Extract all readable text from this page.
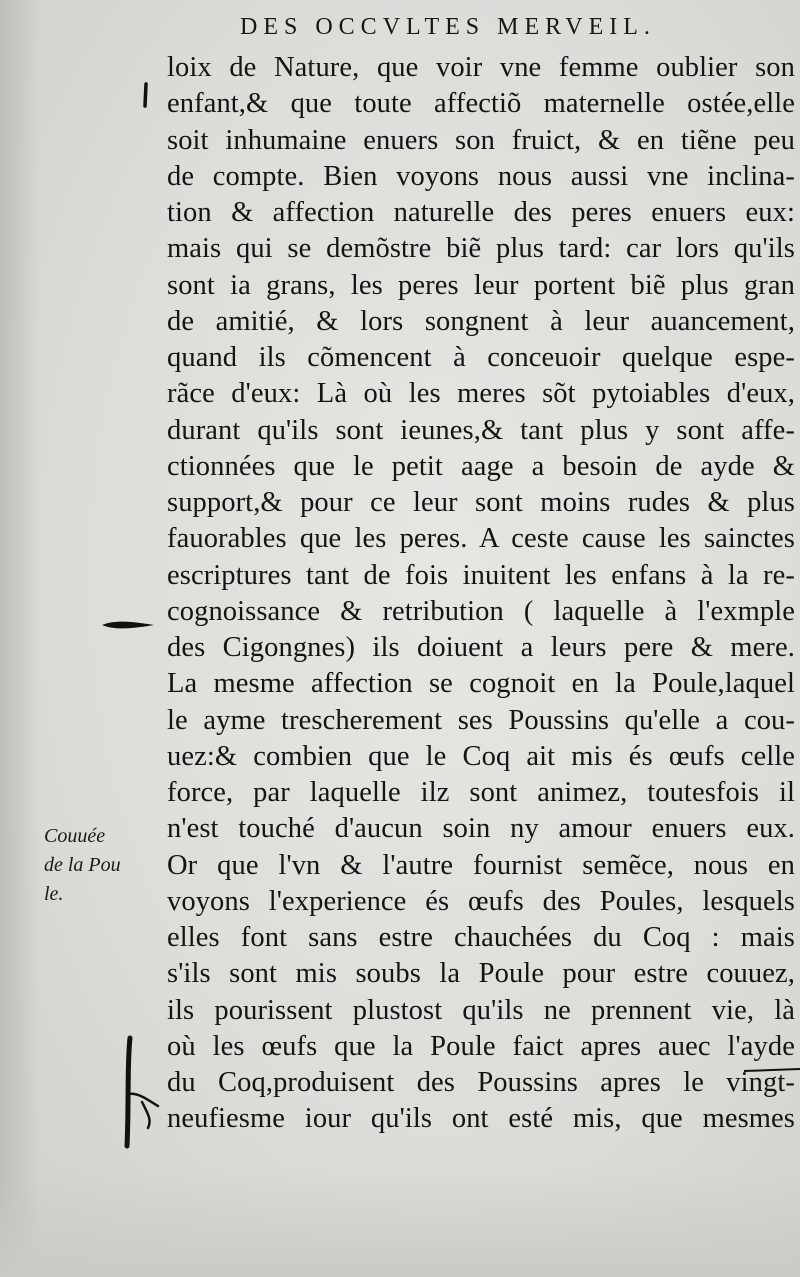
DES OCCVLTES MERVEIL.
loix de Nature, que voir vne femme oublier son
enfant,& que toute affectiõ maternelle ostée,elle
soit inhumaine enuers son fruict, & en tiẽne peu
de compte. Bien voyons nous aussi vne inclina-
tion & affection naturelle des peres enuers eux:
mais qui se demõstre biẽ plus tard: car lors qu'ils
sont ia grans, les peres leur portent biẽ plus gran
de amitié, & lors songnent à leur auancement,
quand ils cõmencent à conceuoir quelque espe-
rãce d'eux: Là où les meres sõt pytoiables d'eux,
durant qu'ils sont ieunes,& tant plus y sont affe-
ctionnées que le petit aage a besoin de ayde &
support,& pour ce leur sont moins rudes & plus
fauorables que les peres. A ceste cause les sainctes
escriptures tant de fois inuitent les enfans à la re-
cognoissance & retribution ( laquelle à l'exmple
des Cigongnes) ils doiuent a leurs pere & mere.
La mesme affection se cognoit en la Poule,laquel
le ayme trescherement ses Poussins qu'elle a cou-
uez:& combien que le Coq ait mis és œufs celle
force, par laquelle ilz sont animez, toutesfois il
n'est touché d'aucun soin ny amour enuers eux.
Or que l'vn & l'autre fournist semẽce, nous en
voyons l'experience és œufs des Poules, lesquels
elles font sans estre chauchées du Coq : mais
s'ils sont mis soubs la Poule pour estre couuez,
ils pourissent plustost qu'ils ne prennent vie, là
où les œufs que la Poule faict apres auec l'ayde
du Coq,produisent des Poussins apres le vingt-
neufiesme iour qu'ils ont esté mis, que mesmes
Couuée
de la Pou
le.
